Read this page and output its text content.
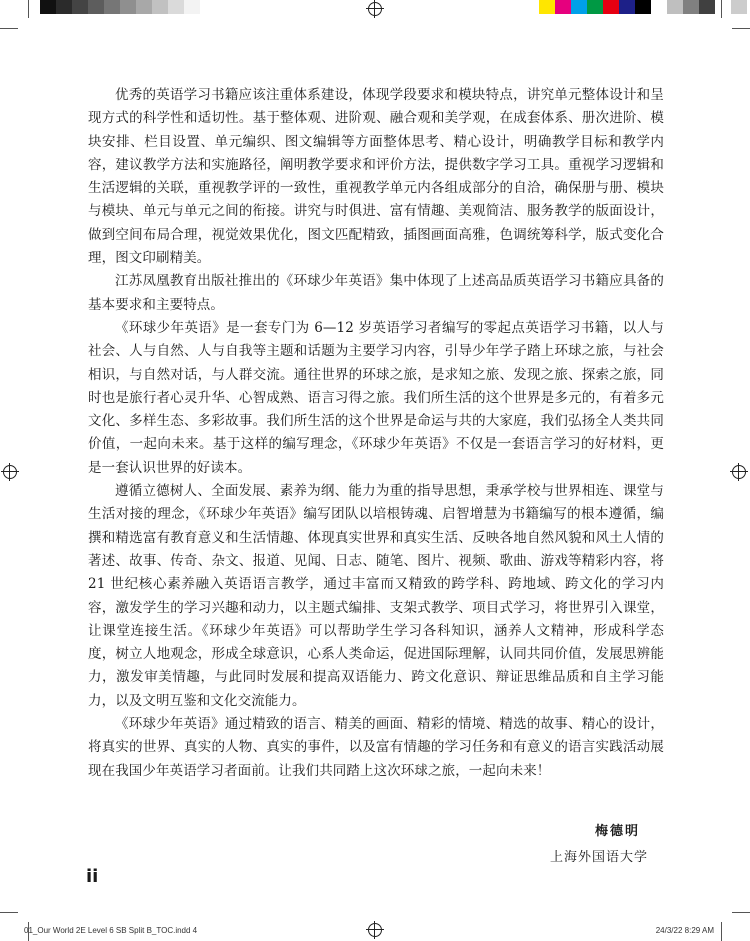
优秀的英语学习书籍应该注重体系建设，体现学段要求和模块特点，讲究单元整体设计和呈现方式的科学性和适切性。基于整体观、进阶观、融合观和美学观，在成套体系、册次进阶、模块安排、栏目设置、单元编织、图文编辑等方面整体思考、精心设计，明确教学目标和教学内容，建议教学方法和实施路径，阐明教学要求和评价方法，提供数字学习工具。重视学习逻辑和生活逻辑的关联，重视教学评的一致性，重视教学单元内各组成部分的自洽，确保册与册、模块与模块、单元与单元之间的衔接。讲究与时俱进、富有情趣、美观简洁、服务教学的版面设计，做到空间布局合理，视觉效果优化，图文匹配精致，插图画面高雅，色调统筹科学，版式变化合理，图文印刷精美。

江苏凤凰教育出版社推出的《环球少年英语》集中体现了上述高品质英语学习书籍应具备的基本要求和主要特点。

《环球少年英语》是一套专门为 6—12 岁英语学习者编写的零起点英语学习书籍，以人与社会、人与自然、人与自我等主题和话题为主要学习内容，引导少年学子踏上环球之旅，与社会相识，与自然对话，与人群交流。通往世界的环球之旅，是求知之旅、发现之旅、探索之旅，同时也是旅行者心灵升华、心智成熟、语言习得之旅。我们所生活的这个世界是多元的，有着多元文化、多样生态、多彩故事。我们所生活的这个世界是命运与共的大家庭，我们弘扬全人类共同价值，一起向未来。基于这样的编写理念，《环球少年英语》不仅是一套语言学习的好材料，更是一套认识世界的好读本。

遵循立德树人、全面发展、素养为纲、能力为重的指导思想，秉承学校与世界相连、课堂与生活对接的理念，《环球少年英语》编写团队以培根铸魂、启智增慧为书籍编写的根本遵循，编撰和精选富有教育意义和生活情趣、体现真实世界和真实生活、反映各地自然风貌和风土人情的著述、故事、传奇、杂文、报道、见闻、日志、随笔、图片、视频、歌曲、游戏等精彩内容，将 21 世纪核心素养融入英语语言教学，通过丰富而又精致的跨学科、跨地域、跨文化的学习内容，激发学生的学习兴趣和动力，以主题式编排、支架式教学、项目式学习，将世界引入课堂，让课堂连接生活。《环球少年英语》可以帮助学生学习各科知识，涵养人文精神，形成科学态度，树立人地观念，形成全球意识，心系人类命运，促进国际理解，认同共同价值，发展思辨能力，激发审美情趣，与此同时发展和提高双语能力、跨文化意识、辩证思维品质和自主学习能力，以及文明互鉴和文化交流能力。

《环球少年英语》通过精致的语言、精美的画面、精彩的情境、精选的故事、精心的设计，将真实的世界、真实的人物、真实的事件，以及富有情趣的学习任务和有意义的语言实践活动展现在我国少年英语学习者面前。让我们共同踏上这次环球之旅，一起向未来！

梅德明
上海外国语大学
ii
01_Our World 2E Level 6 SB Split B_TOC.indd 4	24/3/22 8:29 AM
